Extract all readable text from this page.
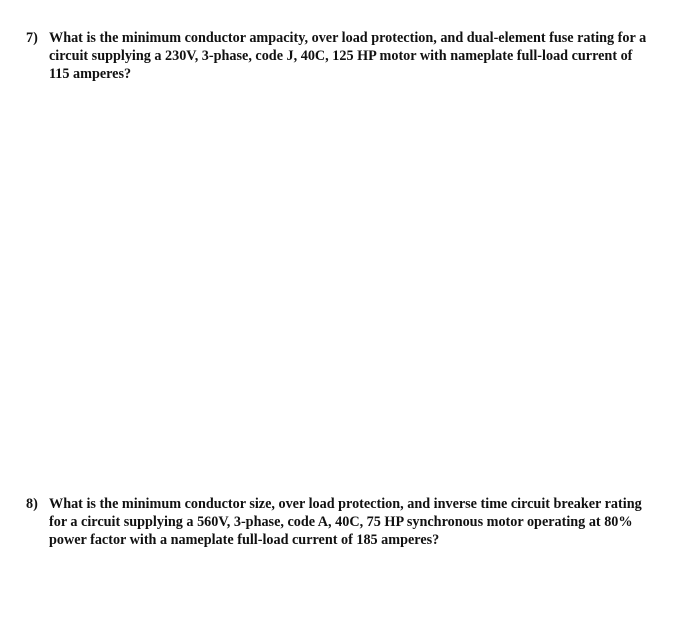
7) What is the minimum conductor ampacity, over load protection, and dual-element fuse rating for a
circuit supplying a 230V, 3-phase, code J, 40C, 125 HP motor with nameplate full-load current of
115 amperes?

8) What is the minimum conductor size, over load protection, and inverse time circuit breaker rating
for a circuit supplying a 560V, 3-phase, code A, 40C, 75 HP synchronous motor operating at 80%
power factor with a nameplate full-load current of 185 amperes?
